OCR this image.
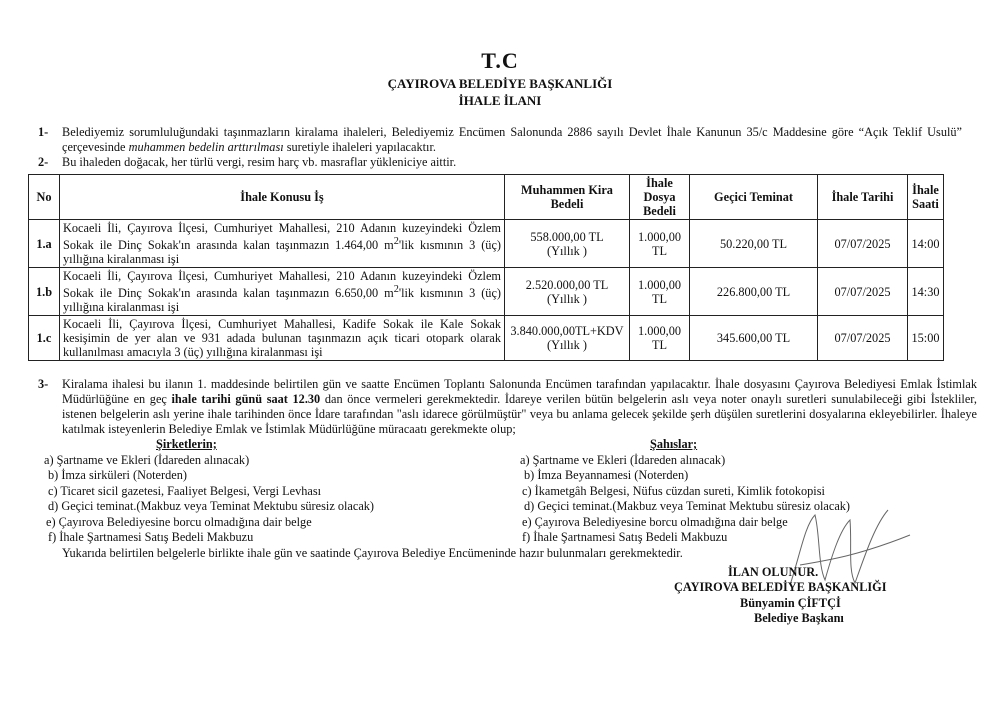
T.C
ÇAYIROVA BELEDİYE BAŞKANLIĞI
İHALE İLANI
1- Belediyemiz sorumluluğundaki taşınmazların kiralama ihaleleri, Belediyemiz Encümen Salonunda 2886 sayılı Devlet İhale Kanunun 35/c Maddesine göre “Açık Teklif Usulü” çerçevesinde muhammen bedelin arttırılması suretiyle ihaleleri yapılacaktır.
2- Bu ihaleden doğacak, her türlü vergi, resim harç vb. masraflar yükleniciye aittir.
No	İhale Konusu İş	Muhammen Kira Bedeli	İhale Dosya Bedeli	Geçici Teminat	İhale Tarihi	İhale Saati
1.a	Kocaeli İli, Çayırova İlçesi, Cumhuriyet Mahallesi, 210 Adanın kuzeyindeki Özlem Sokak ile Dinç Sokak'ın arasında kalan taşınmazın 1.464,00 $m^2'lik$ kısmının 3 (üç) yıllığına kiralanması işi	558.000,00 TL
(Yıllık )	1.000,00 TL	50.220,00 TL	07/07/2025	14:00
1.b	Kocaeli İli, Çayırova İlçesi, Cumhuriyet Mahallesi, 210 Adanın kuzeyindeki Özlem Sokak ile Dinç Sokak'ın arasında kalan taşınmazın 6.650,00 $m^2'lik$ kısmının 3 (üç) yıllığına kiralanması işi	2.520.000,00 TL
(Yıllık )	1.000,00 TL	226.800,00 TL	07/07/2025	14:30
1.c	Kocaeli İli, Çayırova İlçesi, Cumhuriyet Mahallesi, Kadife Sokak ile Kale Sokak kesişimin de yer alan ve 931 adada bulunan taşınmazın açık ticari otopark olarak kullanılması amacıyla 3 (üç) yıllığına kiralanması işi	3.840.000,00TL+KDV
(Yıllık )	1.000,00 TL	345.600,00 TL	07/07/2025	15:00
3- Kiralama ihalesi bu ilanın 1. maddesinde belirtilen gün ve saatte Encümen Toplantı Salonunda Encümen tarafından yapılacaktır. İhale dosyasını Çayırova Belediyesi Emlak İstimlak Müdürlüğüne en geç ihale tarihi günü saat 12.30 dan önce vermeleri gerekmektedir. İdareye verilen bütün belgelerin aslı veya noter onaylı suretleri sunulabileceği gibi İstekliler, istenen belgelerin aslı yerine ihale tarihinden önce İdare tarafından "aslı idarece görülmüştür" veya bu anlama gelecek şekilde şerh düşülen suretlerini dosyalarına ekleyebilirler. İhaleye katılmak isteyenlerin Belediye Emlak ve İstimlak Müdürlüğüne müracaatı gerekmekte olup;
Şirketlerin;
a) Şartname ve Ekleri (İdareden alınacak)
b) İmza sirküleri (Noterden)
c) Ticaret sicil gazetesi, Faaliyet Belgesi, Vergi Levhası
d) Geçici teminat.(Makbuz veya Teminat Mektubu süresiz olacak)
e) Çayırova Belediyesine borcu olmadığına dair belge
f) İhale Şartnamesi Satış Bedeli Makbuzu
Şahıslar;
a) Şartname ve Ekleri (İdareden alınacak)
b) İmza Beyannamesi (Noterden)
c) İkametgâh Belgesi, Nüfus cüzdan sureti, Kimlik fotokopisi
d) Geçici teminat.(Makbuz veya Teminat Mektubu süresiz olacak)
e) Çayırova Belediyesine borcu olmadığına dair belge
f) İhale Şartnamesi Satış Bedeli Makbuzu
Yukarıda belirtilen belgelerle birlikte ihale gün ve saatinde Çayırova Belediye Encümeninde hazır bulunmaları gerekmektedir.
İLAN OLUNUR.
ÇAYIROVA BELEDİYE BAŞKANLIĞI
Bünyamin ÇİFTÇİ
Belediye Başkanı
